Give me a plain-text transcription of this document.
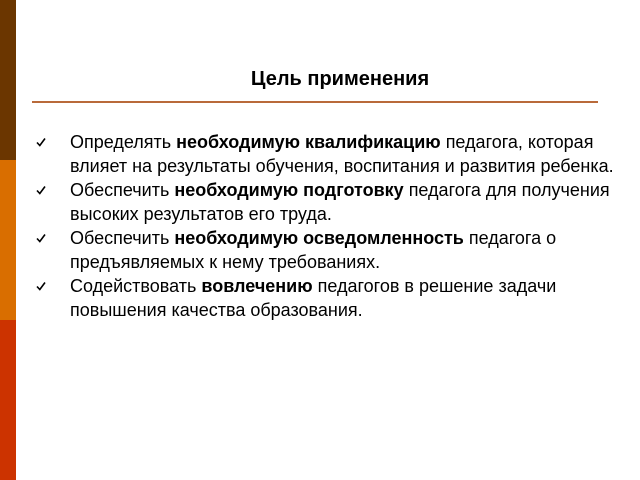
Цель применения
Определять необходимую квалификацию педагога, которая влияет на результаты обучения, воспитания и развития ребенка.
Обеспечить необходимую подготовку педагога для получения высоких результатов его труда.
Обеспечить необходимую осведомленность педагога о предъявляемых к нему требованиях.
Содействовать вовлечению педагогов в решение задачи повышения качества образования.
